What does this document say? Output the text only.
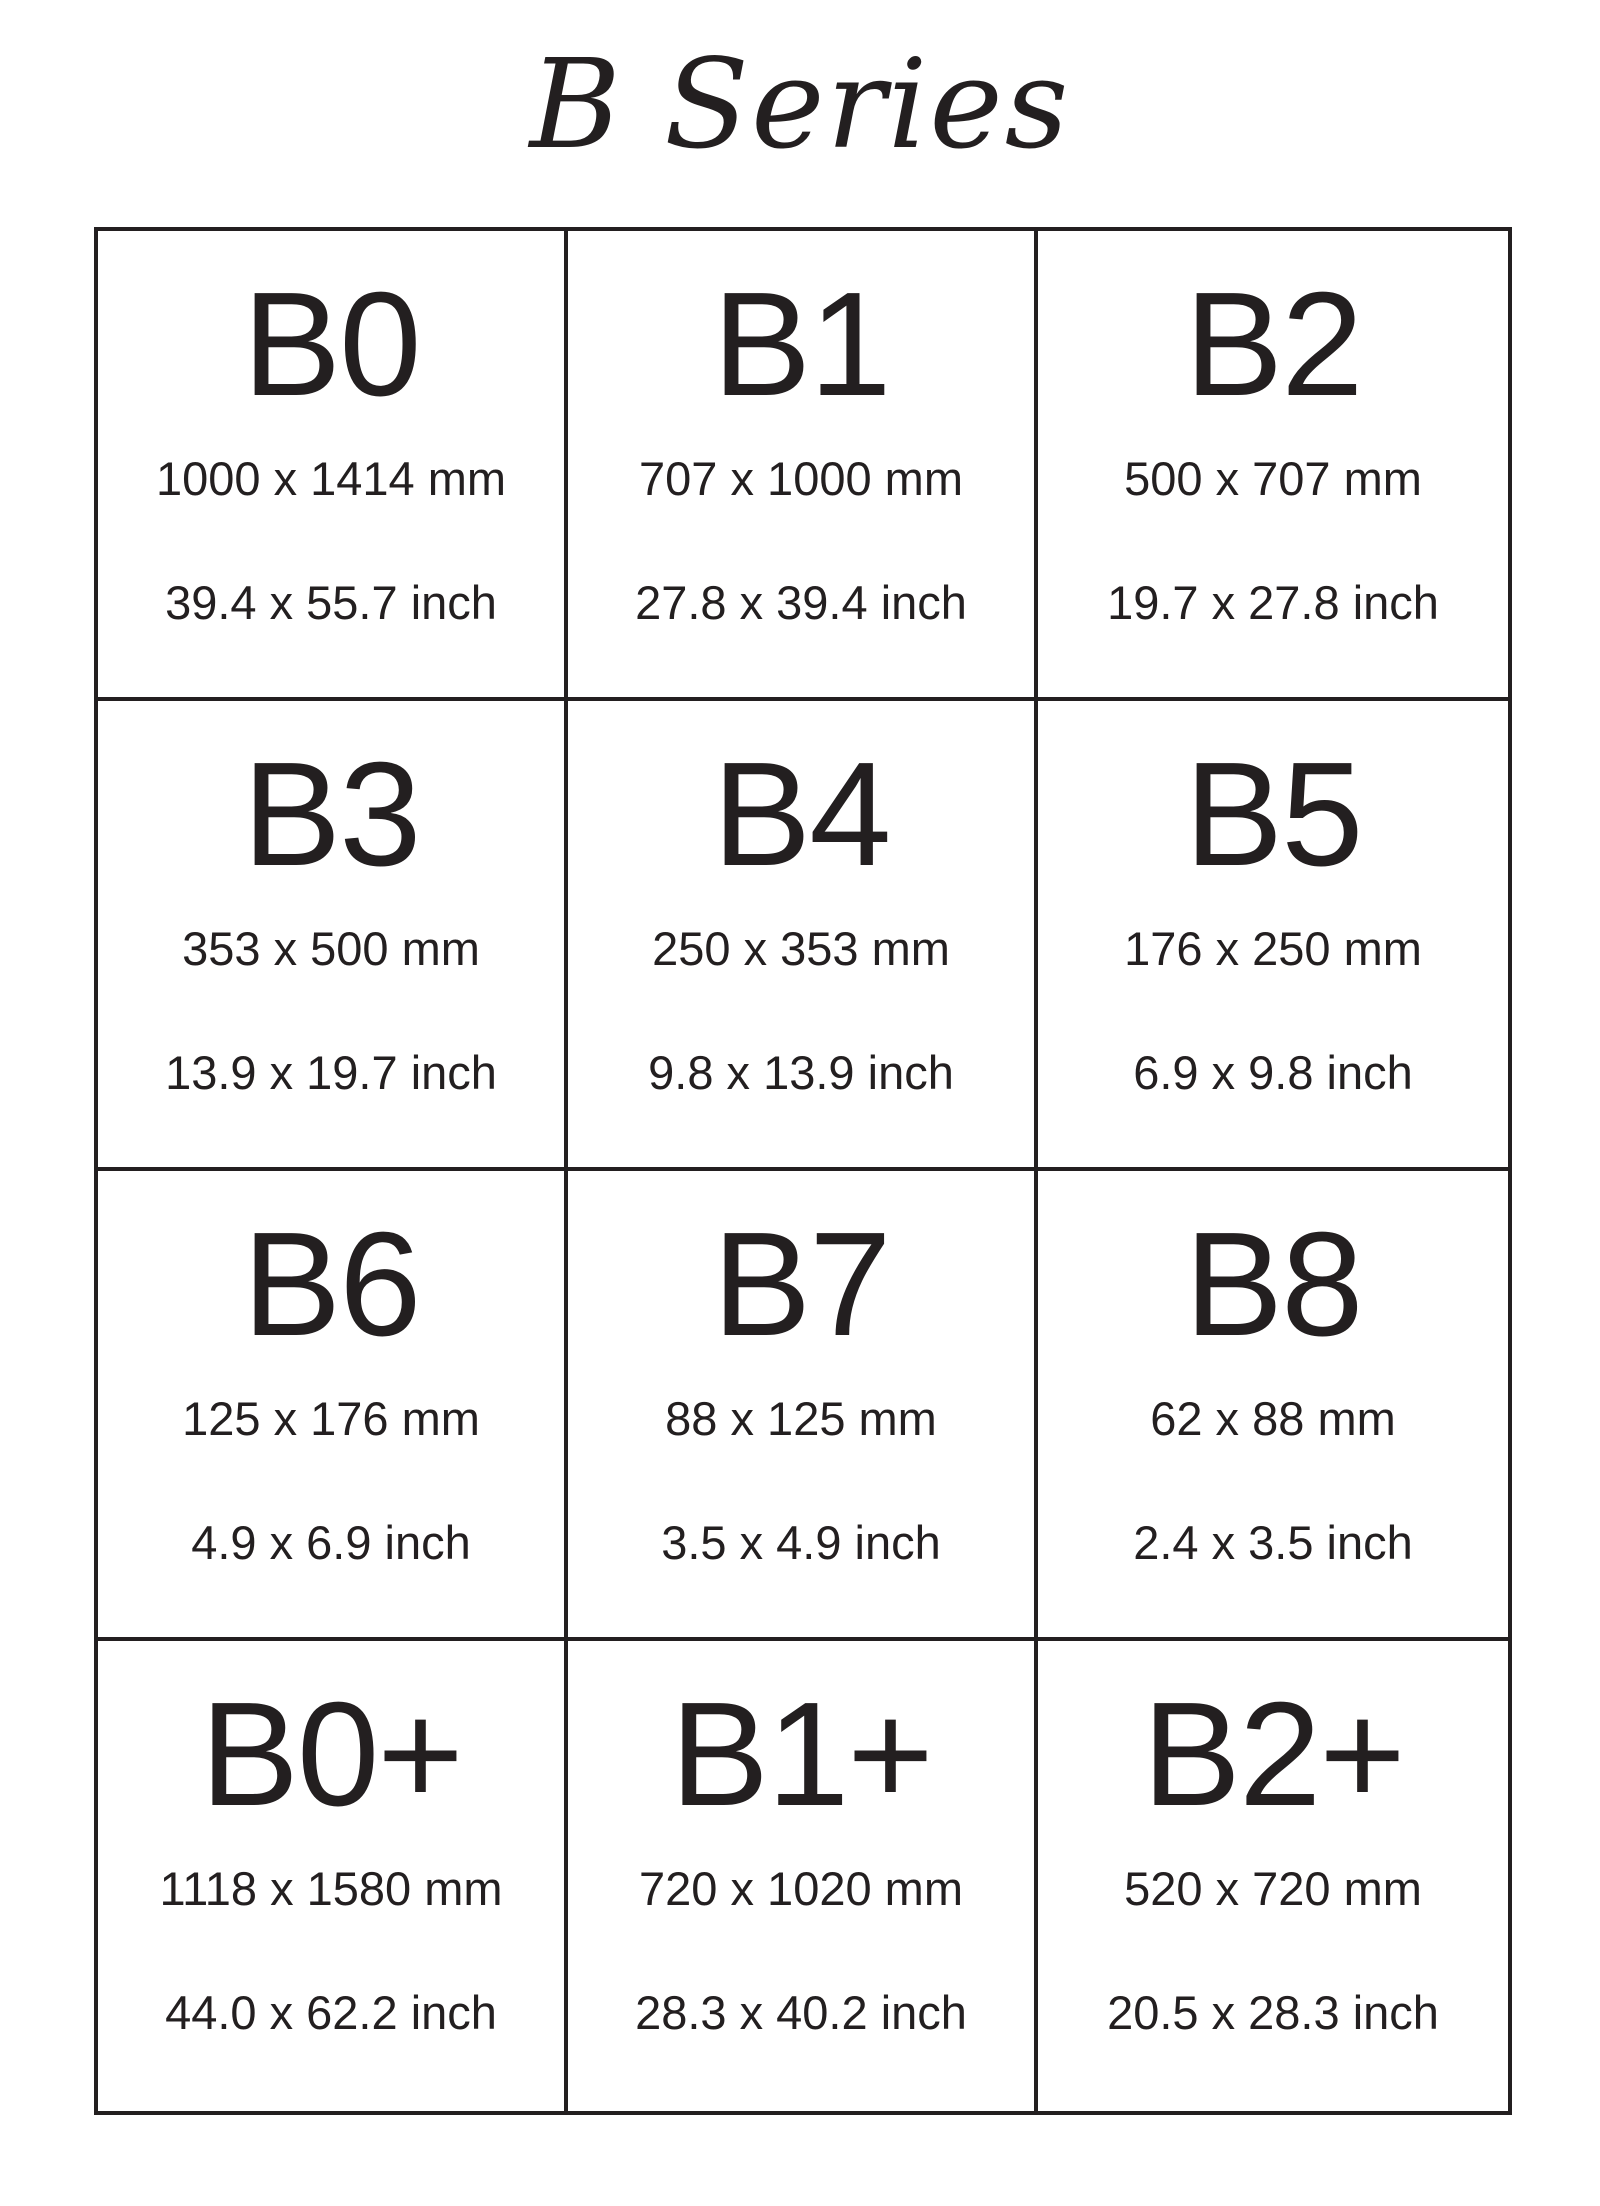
B Series
B0
1000 x 1414 mm
39.4 x 55.7 inch
B1
707 x 1000 mm
27.8 x 39.4 inch
B2
500 x 707 mm
19.7 x 27.8 inch
B3
353 x 500 mm
13.9 x 19.7 inch
B4
250 x 353 mm
9.8 x 13.9 inch
B5
176 x 250 mm
6.9 x 9.8 inch
B6
125 x 176 mm
4.9 x 6.9 inch
B7
88 x 125 mm
3.5 x 4.9 inch
B8
62 x 88 mm
2.4 x 3.5 inch
B0+
1118 x 1580 mm
44.0 x 62.2 inch
B1+
720 x 1020 mm
28.3 x 40.2 inch
B2+
520 x 720 mm
20.5 x 28.3 inch
